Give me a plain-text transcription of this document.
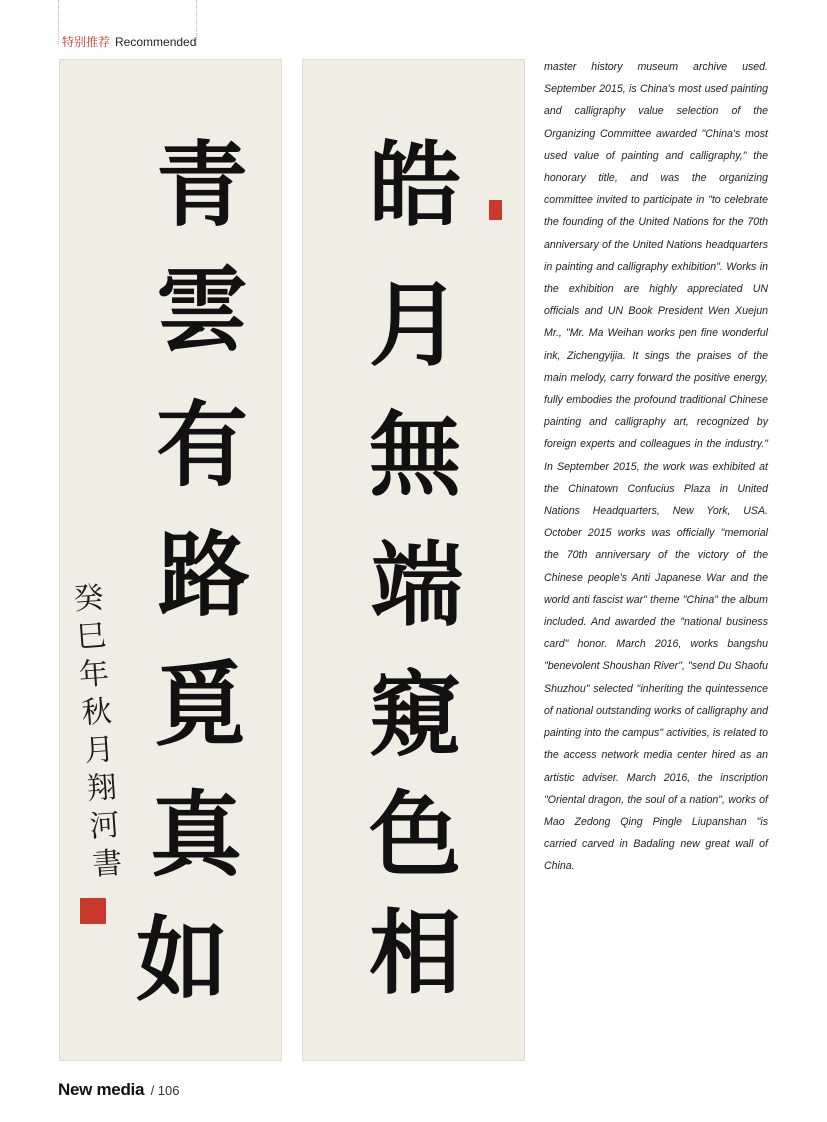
特别推荐 Recommended
青
雲
有
路
覓
真
如
癸巳年秋月 翔河書
皓
月
無
端
窺
色
相

master history museum archive used. September 2015, is China's most used painting and calligraphy value selection of the Organizing Committee awarded "China's most used value of painting and calligraphy," the honorary title, and was the organizing committee invited to participate in "to celebrate the founding of the United Nations for the 70th anniversary of the United Nations headquarters in painting and calligraphy exhibition". Works in the exhibition are highly appreciated UN officials and UN Book President Wen Xuejun Mr., "Mr. Ma Weihan works pen fine wonderful ink, Zichengyijia. It sings the praises of the main melody, carry forward the positive energy, fully embodies the profound traditional Chinese painting and calligraphy art, recognized by foreign experts and colleagues in the industry." In September 2015, the work was exhibited at the Chinatown Confucius Plaza in United Nations Headquarters, New York, USA. October 2015 works was officially "memorial the 70th anniversary of the victory of the Chinese people's Anti Japanese War and the world anti fascist war" theme "China" the album included. And awarded the "national business card" honor. March 2016, works bangshu "benevolent Shoushan River", "send Du Shaofu Shuzhou" selected "inheriting the quintessence of national outstanding works of calligraphy and painting into the campus" activities, is related to the access network media center hired as an artistic adviser. March 2016, the inscription "Oriental dragon, the soul of a nation", works of Mao Zedong Qing Pingle Liupanshan "is carried carved in Badaling new great wall of China.

New media / 106
